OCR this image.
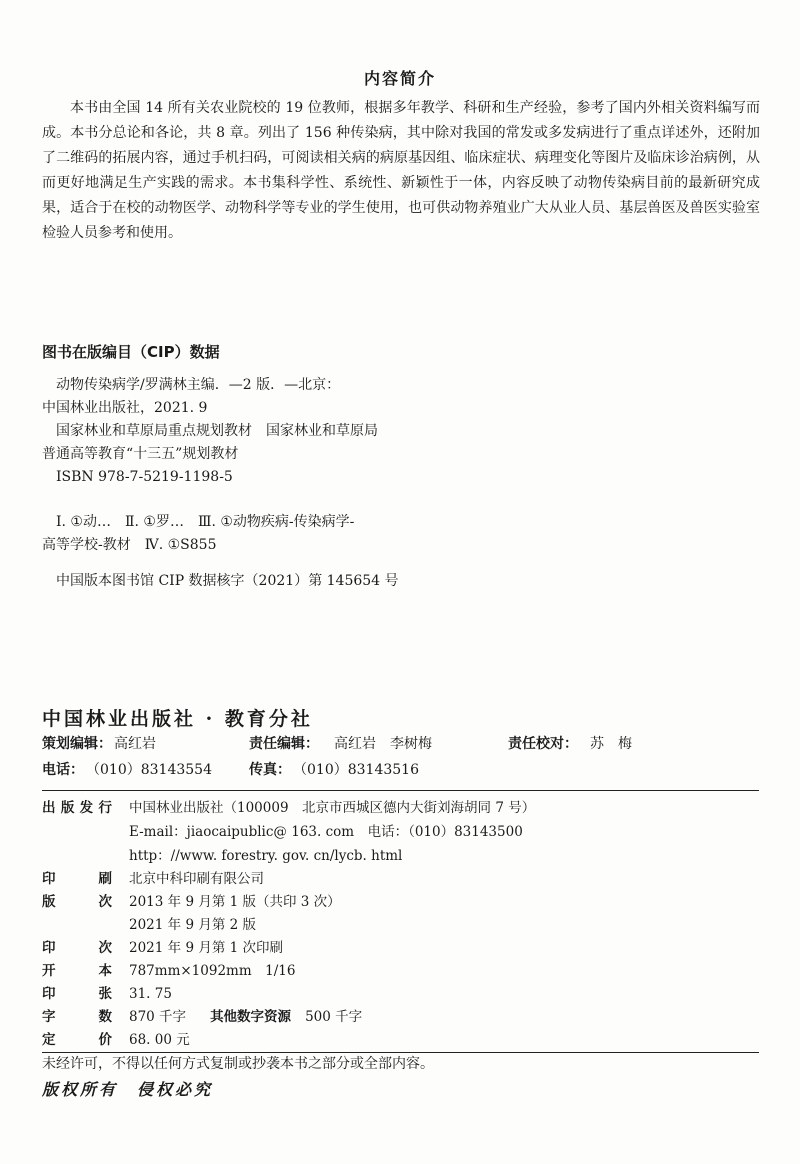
内容简介
本书由全国 14 所有关农业院校的 19 位教师，根据多年教学、科研和生产经验，参考了国内外相关资料编写而成。本书分总论和各论，共 8 章。列出了 156 种传染病，其中除对我国的常发或多发病进行了重点详述外，还附加了二维码的拓展内容，通过手机扫码，可阅读相关病的病原基因组、临床症状、病理变化等图片及临床诊治病例，从而更好地满足生产实践的需求。本书集科学性、系统性、新颖性于一体，内容反映了动物传染病目前的最新研究成果，适合于在校的动物医学、动物科学等专业的学生使用，也可供动物养殖业广大从业人员、基层兽医及兽医实验室检验人员参考和使用。
图书在版编目（CIP）数据
动物传染病学/罗满林主编．—2 版．—北京：
中国林业出版社，2021. 9
国家林业和草原局重点规划教材　国家林业和草原局
普通高等教育“十三五”规划教材
ISBN 978-7-5219-1198-5
Ⅰ. ①动…　Ⅱ. ①罗…　Ⅲ. ①动物疾病-传染病学-
高等学校-教材　Ⅳ. ①S855
中国版本图书馆 CIP 数据核字（2021）第 145654 号
中国林业出版社 · 教育分社
策划编辑： 高红岩	责任编辑： 高红岩　李树梅	责任校对： 苏　梅
电话： （010）83143554	传真： （010）83143516
出版发行 中国林业出版社（100009　北京市西城区德内大街刘海胡同 7 号）
E-mail：jiaocaipublic@ 163. com　电话：（010）83143500
http：//www. forestry. gov. cn/lycb. html
印　　刷 北京中科印刷有限公司
版　　次 2013 年 9 月第 1 版（共印 3 次）
2021 年 9 月第 2 版
印　　次 2021 年 9 月第 1 次印刷
开　　本 787mm×1092mm　1/16
印　　张 31. 75
字　　数 870 千字 其他数字资源 500 千字
定　　价 68. 00 元
未经许可，不得以任何方式复制或抄袭本书之部分或全部内容。
版权所有　侵权必究
